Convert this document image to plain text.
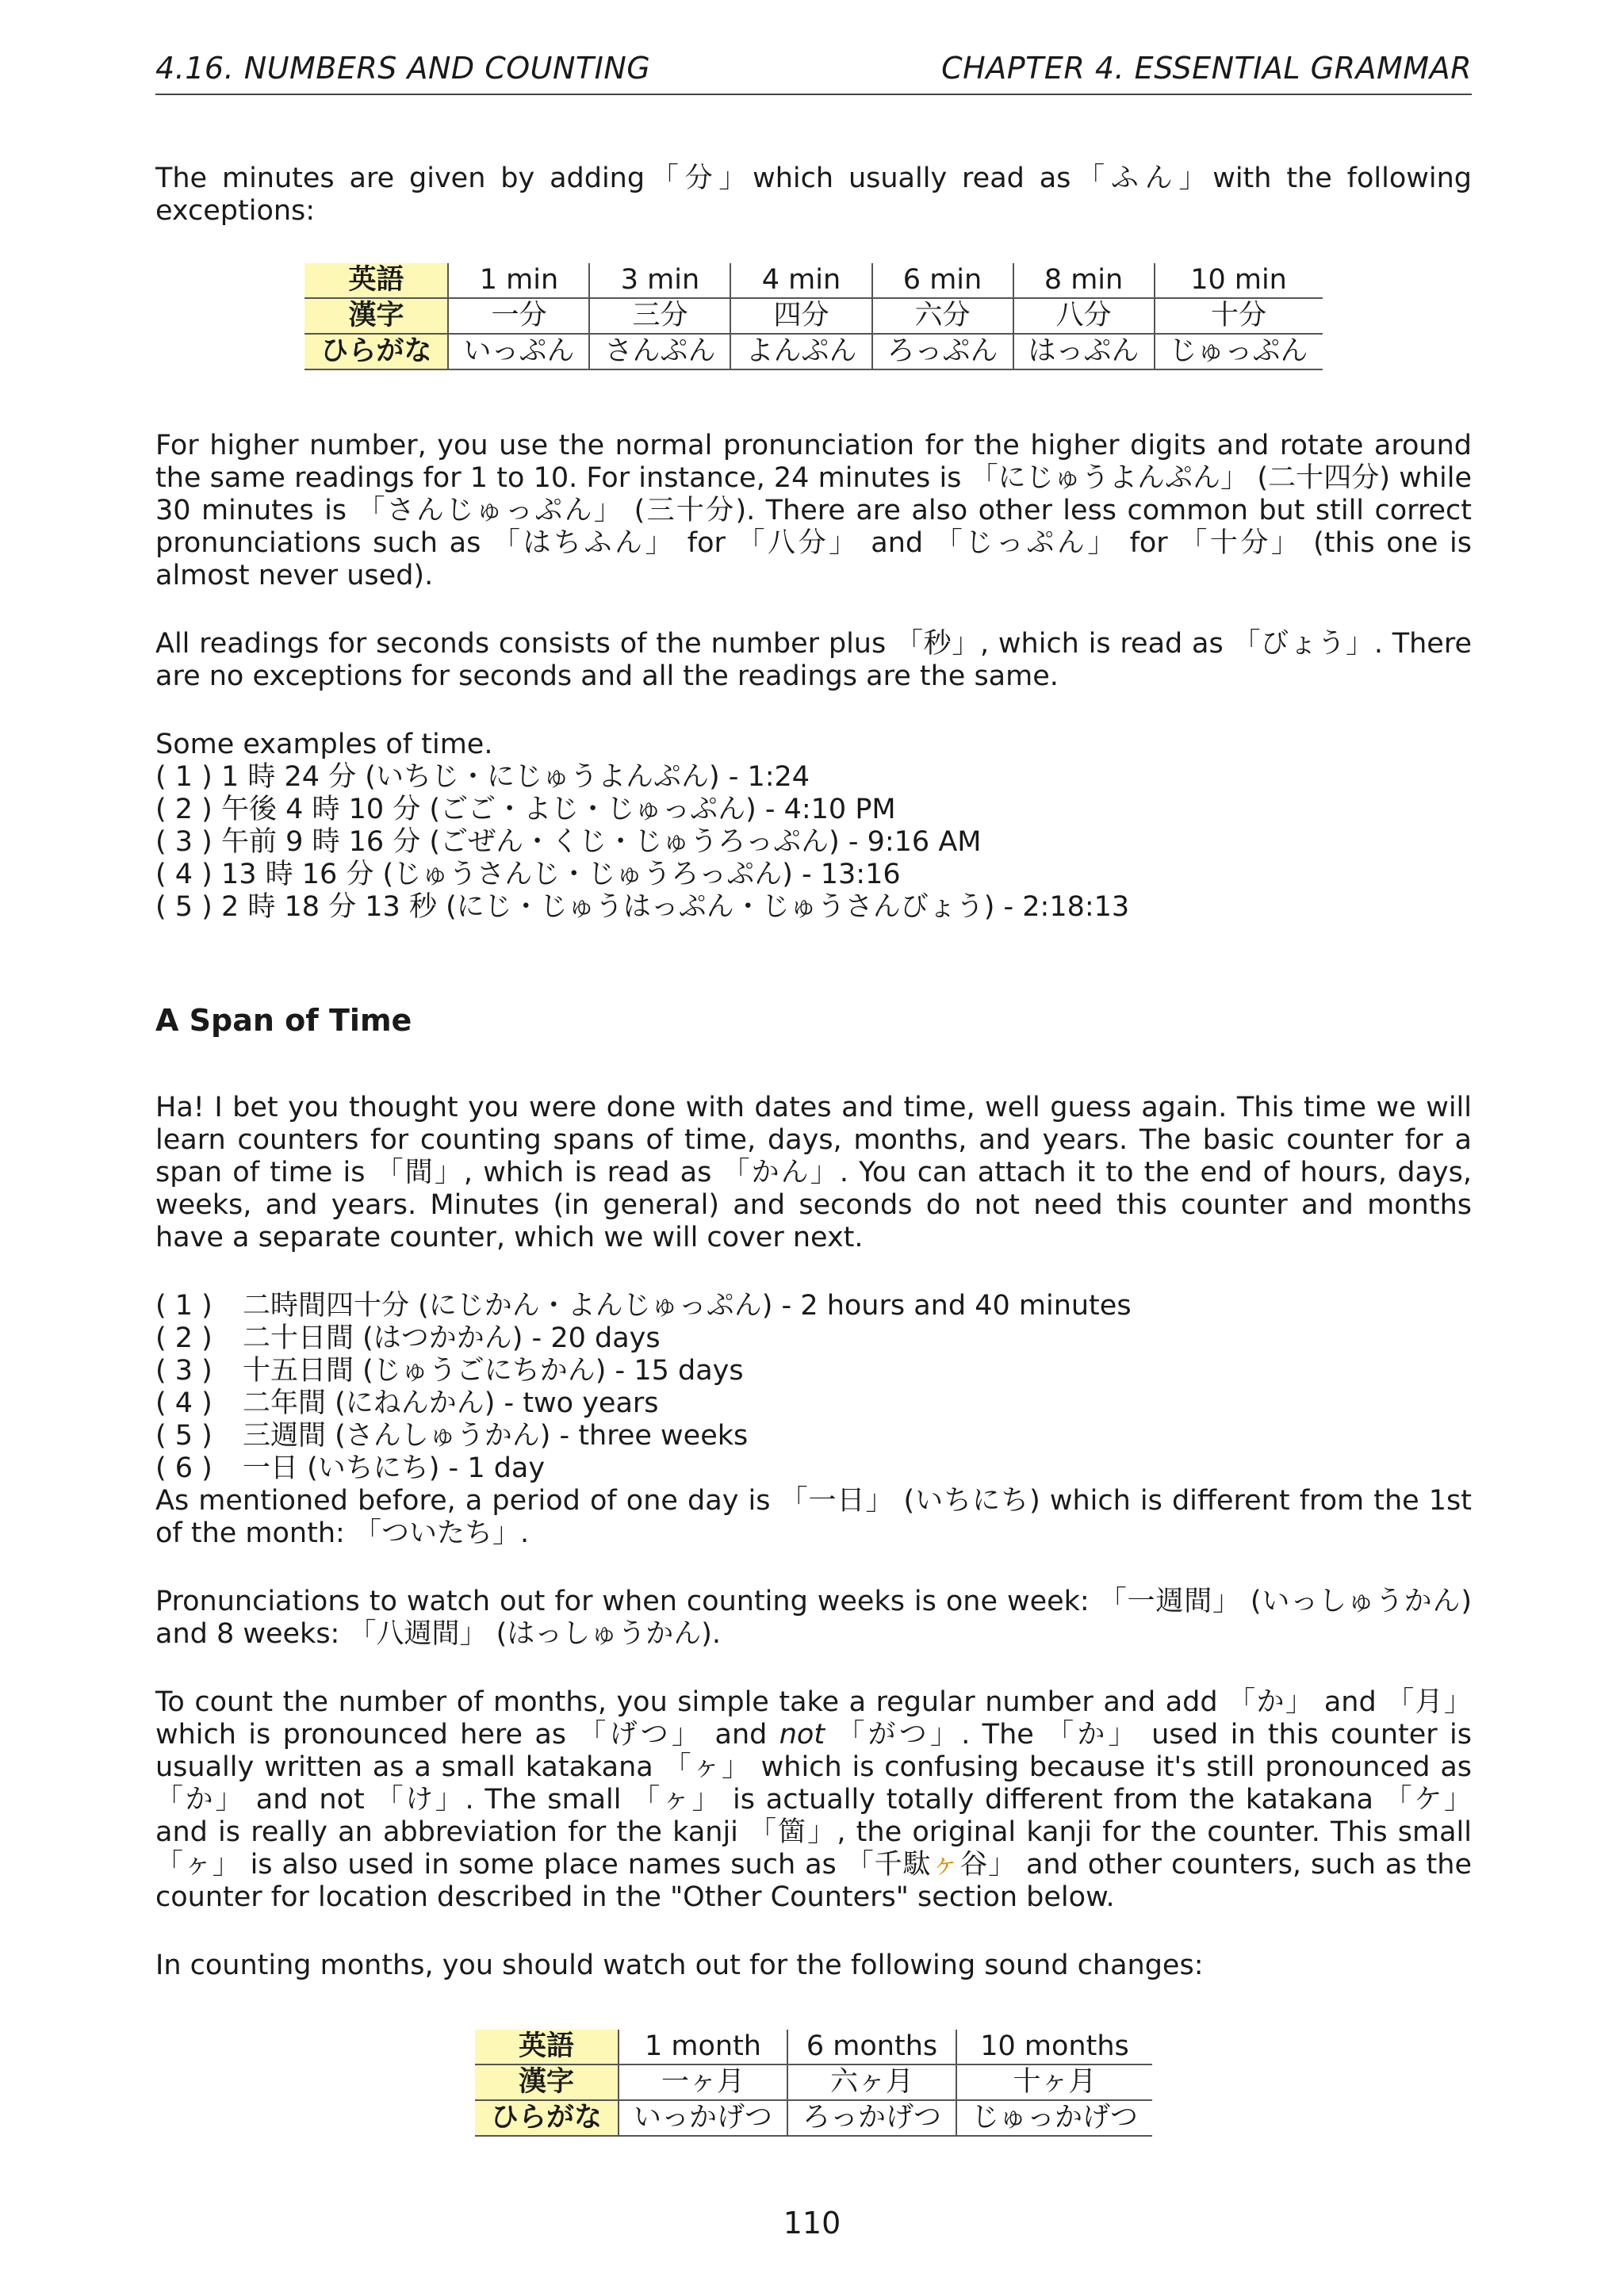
4.16. NUMBERS AND COUNTING	CHAPTER 4. ESSENTIAL GRAMMAR

The minutes are given by adding「分」which usually read as「ふん」with the following exceptions:

英語	1 min	3 min	4 min	6 min	8 min	10 min
漢字	一分	三分	四分	六分	八分	十分
ひらがな	いっぷん	さんぷん	よんぷん	ろっぷん	はっぷん	じゅっぷん

For higher number, you use the normal pronunciation for the higher digits and rotate around the same readings for 1 to 10. For instance, 24 minutes is 「にじゅうよんぷん」 (二十四分) while 30 minutes is 「さんじゅっぷん」 (三十分). There are also other less common but still correct pronunciations such as 「はちふん」 for 「八分」 and 「じっぷん」 for 「十分」 (this one is almost never used).

All readings for seconds consists of the number plus 「秒」, which is read as 「びょう」. There are no exceptions for seconds and all the readings are the same.

Some examples of time.
( 1 ) 1 時 24 分 (いちじ・にじゅうよんぷん) - 1:24
( 2 ) 午後 4 時 10 分 (ごご・よじ・じゅっぷん) - 4:10 PM
( 3 ) 午前 9 時 16 分 (ごぜん・くじ・じゅうろっぷん) - 9:16 AM
( 4 ) 13 時 16 分 (じゅうさんじ・じゅうろっぷん) - 13:16
( 5 ) 2 時 18 分 13 秒 (にじ・じゅうはっぷん・じゅうさんびょう) - 2:18:13
A Span of Time

Ha! I bet you thought you were done with dates and time, well guess again. This time we will learn counters for counting spans of time, days, months, and years. The basic counter for a span of time is 「間」, which is read as 「かん」. You can attach it to the end of hours, days, weeks, and years. Minutes (in general) and seconds do not need this counter and months have a separate counter, which we will cover next.

( 1 )	二時間四十分 (にじかん・よんじゅっぷん) - 2 hours and 40 minutes
( 2 )	二十日間 (はつかかん) - 20 days
( 3 )	十五日間 (じゅうごにちかん) - 15 days
( 4 )	二年間 (にねんかん) - two years
( 5 )	三週間 (さんしゅうかん) - three weeks
( 6 )	一日 (いちにち) - 1 day

As mentioned before, a period of one day is 「一日」 (いちにち) which is different from the 1st of the month: 「ついたち」.

Pronunciations to watch out for when counting weeks is one week: 「一週間」 (いっしゅうかん) and 8 weeks: 「八週間」 (はっしゅうかん).

To count the number of months, you simple take a regular number and add 「か」 and 「月」 which is pronounced here as 「げつ」 and not 「がつ」. The 「か」 used in this counter is usually written as a small katakana 「ヶ」 which is confusing because it's still pronounced as 「か」 and not 「け」. The small 「ヶ」 is actually totally different from the katakana 「ケ」 and is really an abbreviation for the kanji 「箇」, the original kanji for the counter. This small 「ヶ」 is also used in some place names such as 「千駄ヶ谷」 and other counters, such as the counter for location described in the "Other Counters" section below.

In counting months, you should watch out for the following sound changes:

英語	1 month	6 months	10 months
漢字	一ヶ月	六ヶ月	十ヶ月
ひらがな	いっかげつ	ろっかげつ	じゅっかげつ
110
